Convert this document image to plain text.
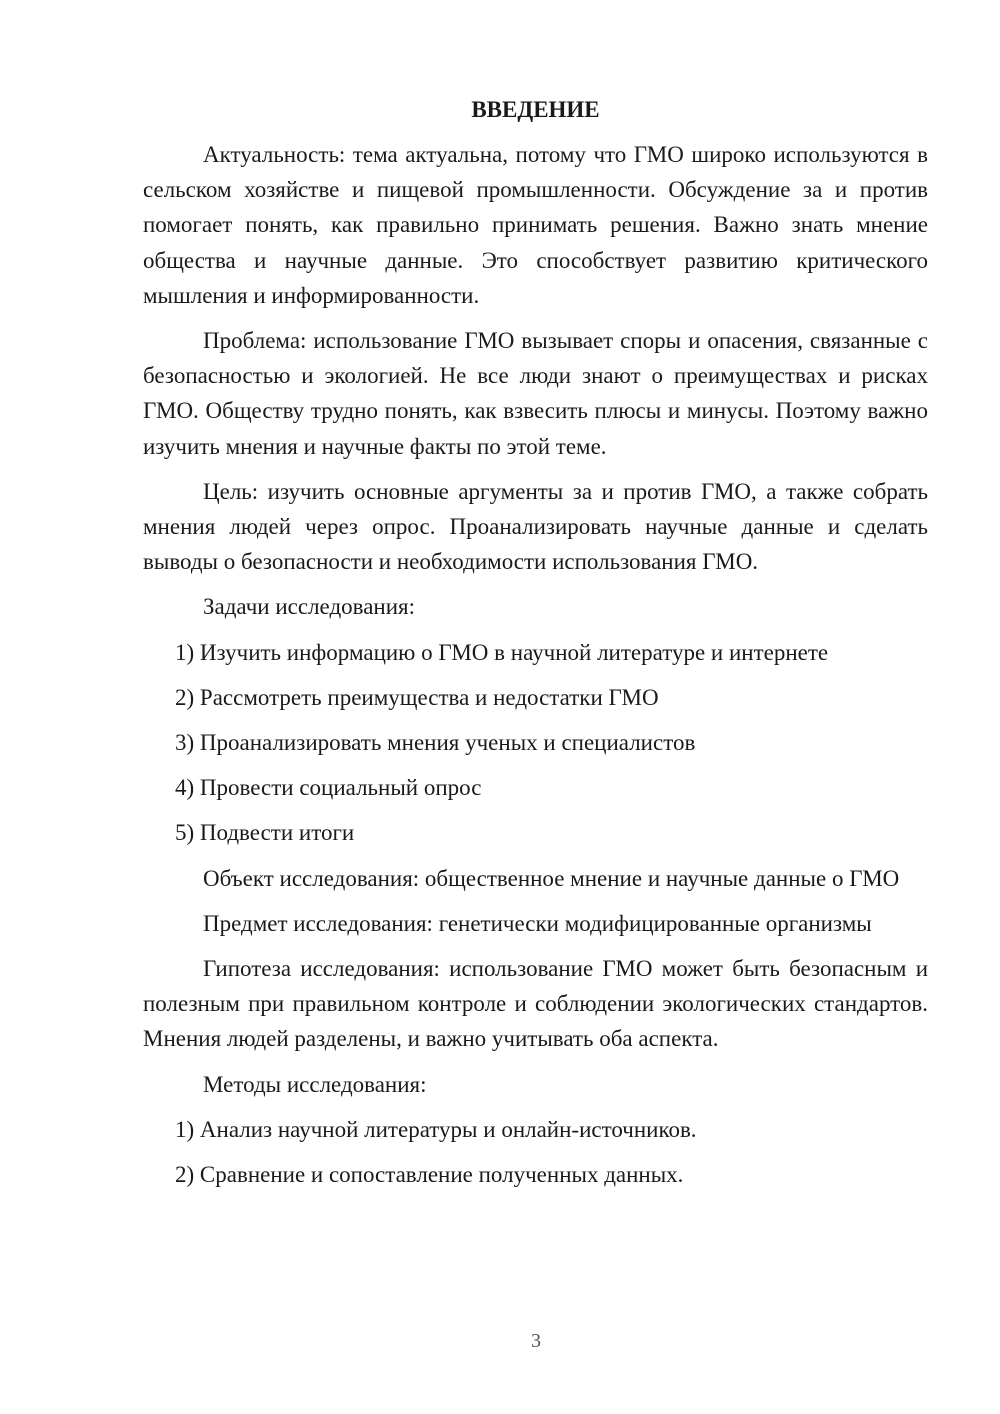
ВВЕДЕНИЕ

Актуальность: тема актуальна, потому что ГМО широко используются в сельском хозяйстве и пищевой промышленности. Обсуждение за и против помогает понять, как правильно принимать решения. Важно знать мнение общества и научные данные. Это способствует развитию критического мышления и информированности.

Проблема: использование ГМО вызывает споры и опасения, связанные с безопасностью и экологией. Не все люди знают о преимуществах и рисках ГМО. Обществу трудно понять, как взвесить плюсы и минусы. Поэтому важно изучить мнения и научные факты по этой теме.

Цель: изучить основные аргументы за и против ГМО, а также собрать мнения людей через опрос. Проанализировать научные данные и сделать выводы о безопасности и необходимости использования ГМО.

Задачи исследования:

1) Изучить информацию о ГМО в научной литературе и интернете

2) Рассмотреть преимущества и недостатки ГМО

3) Проанализировать мнения ученых и специалистов

4) Провести социальный опрос

5) Подвести итоги

Объект исследования: общественное мнение и научные данные о ГМО

Предмет исследования: генетически модифицированные организмы

Гипотеза исследования: использование ГМО может быть безопасным и полезным при правильном контроле и соблюдении экологических стандартов. Мнения людей разделены, и важно учитывать оба аспекта.

Методы исследования:

1) Анализ научной литературы и онлайн-источников.

2) Сравнение и сопоставление полученных данных.

3
